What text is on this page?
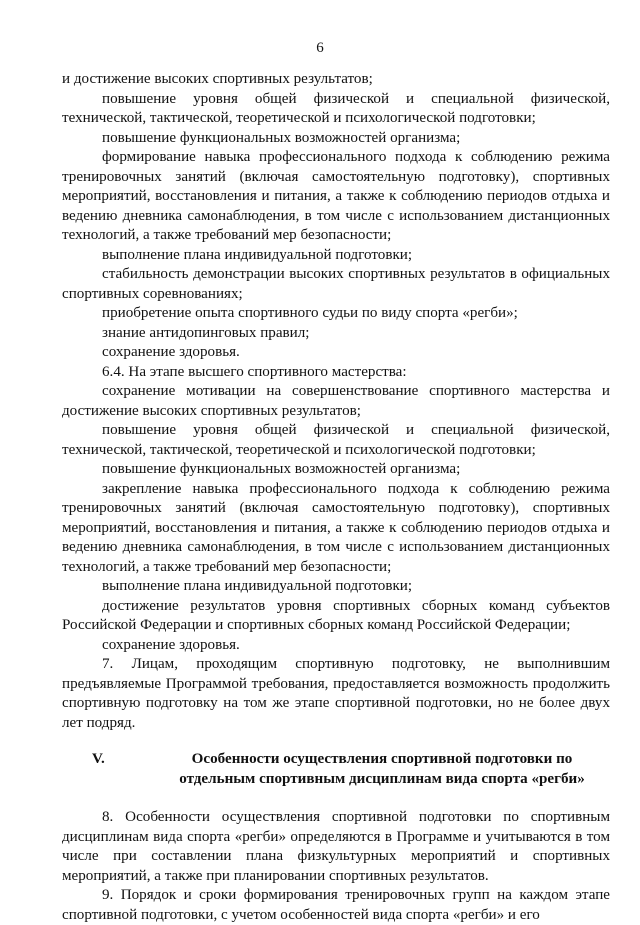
6

и достижение высоких спортивных результатов;

повышение уровня общей физической и специальной физической, технической, тактической, теоретической и психологической подготовки;

повышение функциональных возможностей организма;

формирование навыка профессионального подхода к соблюдению режима тренировочных занятий (включая самостоятельную подготовку), спортивных мероприятий, восстановления и питания, а также к соблюдению периодов отдыха и ведению дневника самонаблюдения, в том числе с использованием дистанционных технологий, а также требований мер безопасности;

выполнение плана индивидуальной подготовки;

стабильность демонстрации высоких спортивных результатов в официальных спортивных соревнованиях;

приобретение опыта спортивного судьи по виду спорта «регби»;

знание антидопинговых правил;

сохранение здоровья.

6.4. На этапе высшего спортивного мастерства:

сохранение мотивации на совершенствование спортивного мастерства и достижение высоких спортивных результатов;

повышение уровня общей физической и специальной физической, технической, тактической, теоретической и психологической подготовки;

повышение функциональных возможностей организма;

закрепление навыка профессионального подхода к соблюдению режима тренировочных занятий (включая самостоятельную подготовку), спортивных мероприятий, восстановления и питания, а также к соблюдению периодов отдыха и ведению дневника самонаблюдения, в том числе с использованием дистанционных технологий, а также требований мер безопасности;

выполнение плана индивидуальной подготовки;

достижение результатов уровня спортивных сборных команд субъектов Российской Федерации и спортивных сборных команд Российской Федерации;

сохранение здоровья.

7. Лицам, проходящим спортивную подготовку, не выполнившим предъявляемые Программой требования, предоставляется возможность продолжить спортивную подготовку на том же этапе спортивной подготовки, но не более двух лет подряд.

V.	Особенности осуществления спортивной подготовки по отдельным спортивным дисциплинам вида спорта «регби»

8. Особенности осуществления спортивной подготовки по спортивным дисциплинам вида спорта «регби» определяются в Программе и учитываются в том числе при составлении плана физкультурных мероприятий и спортивных мероприятий, а также при планировании спортивных результатов.

9. Порядок и сроки формирования тренировочных групп на каждом этапе спортивной подготовки, с учетом особенностей вида спорта «регби» и его
